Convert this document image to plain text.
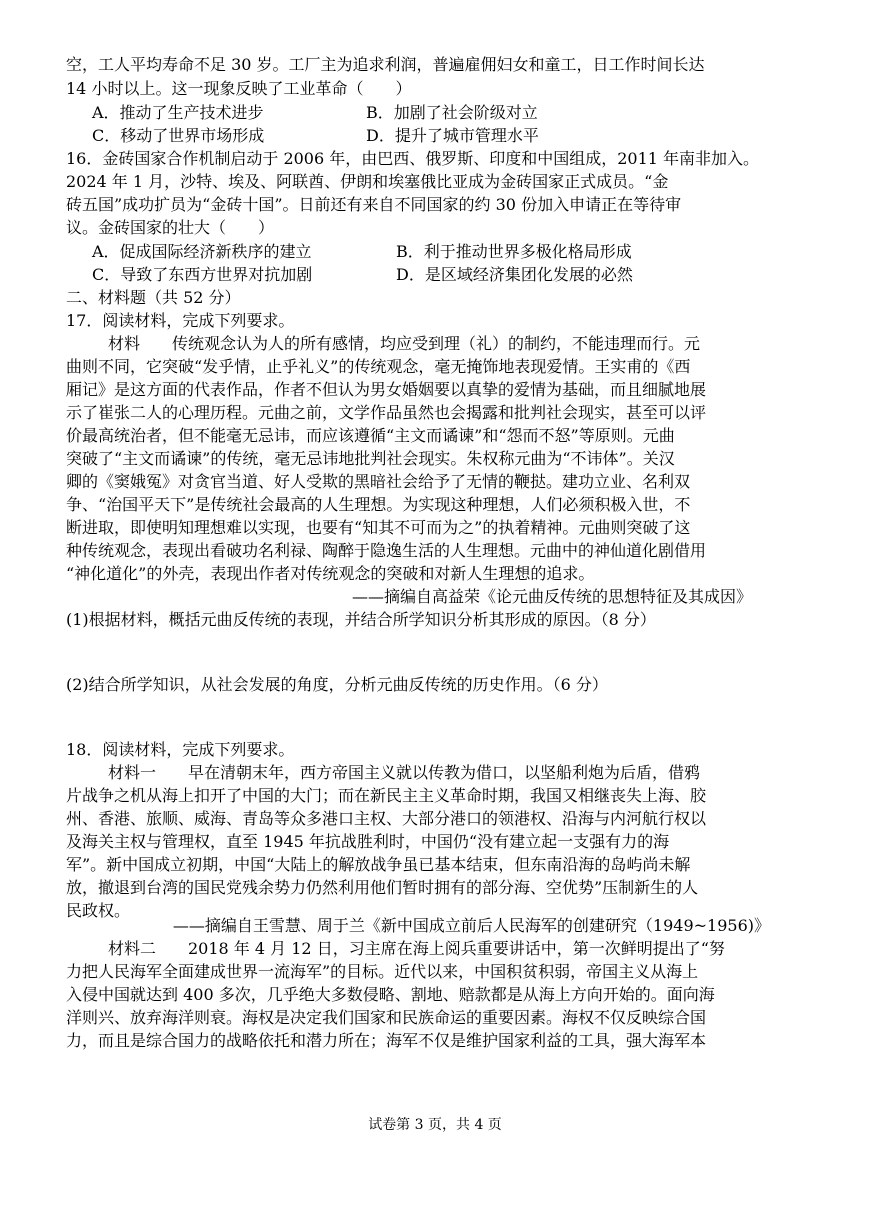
空，工人平均寿命不足 30 岁。工厂主为追求利润，普遍雇佣妇女和童工，日工作时间长达
14 小时以上。这一现象反映了工业革命（　　）
A．推动了生产技术进步	B．加剧了社会阶级对立
C．移动了世界市场形成	D．提升了城市管理水平
16．金砖国家合作机制启动于 2006 年，由巴西、俄罗斯、印度和中国组成，2011 年南非加入。
2024 年 1 月，沙特、埃及、阿联酋、伊朗和埃塞俄比亚成为金砖国家正式成员。“金
砖五国”成功扩员为“金砖十国”。日前还有来自不同国家的约 30 份加入申请正在等待审
议。金砖国家的壮大（　　）
A．促成国际经济新秩序的建立	B．利于推动世界多极化格局形成
C．导致了东西方世界对抗加剧	D．是区域经济集团化发展的必然
二、材料题（共 52 分）
17．阅读材料，完成下列要求。
材料　　传统观念认为人的所有感情，均应受到理（礼）的制约，不能违理而行。元
曲则不同，它突破“发乎情，止乎礼义”的传统观念，毫无掩饰地表现爱情。王实甫的《西
厢记》是这方面的代表作品，作者不但认为男女婚姻要以真挚的爱情为基础，而且细腻地展
示了崔张二人的心理历程。元曲之前，文学作品虽然也会揭露和批判社会现实，甚至可以评
价最高统治者，但不能毫无忌讳，而应该遵循“主文而谲谏”和“怨而不怒”等原则。元曲
突破了“主文而谲谏”的传统，毫无忌讳地批判社会现实。朱权称元曲为“不讳体”。关汉
卿的《窦娥冤》对贪官当道、好人受欺的黑暗社会给予了无情的鞭挞。建功立业、名利双
争、“治国平天下”是传统社会最高的人生理想。为实现这种理想，人们必须积极入世，不
断进取，即使明知理想难以实现，也要有“知其不可而为之”的执着精神。元曲则突破了这
种传统观念，表现出看破功名利禄、陶醉于隐逸生活的人生理想。元曲中的神仙道化剧借用
“神化道化”的外壳，表现出作者对传统观念的突破和对新人生理想的追求。
——摘编自高益荣《论元曲反传统的思想特征及其成因》
(1)根据材料，概括元曲反传统的表现，并结合所学知识分析其形成的原因。（8 分）
(2)结合所学知识，从社会发展的角度，分析元曲反传统的历史作用。（6 分）
18．阅读材料，完成下列要求。
材料一　　早在清朝末年，西方帝国主义就以传教为借口，以坚船利炮为后盾，借鸦
片战争之机从海上扣开了中国的大门；而在新民主主义革命时期，我国又相继丧失上海、胶
州、香港、旅顺、威海、青岛等众多港口主权、大部分港口的领港权、沿海与内河航行权以
及海关主权与管理权，直至 1945 年抗战胜利时，中国仍“没有建立起一支强有力的海
军”。新中国成立初期，中国“大陆上的解放战争虽已基本结束，但东南沿海的岛屿尚未解
放，撤退到台湾的国民党残余势力仍然利用他们暂时拥有的部分海、空优势”压制新生的人
民政权。
——摘编自王雪慧、周于兰《新中国成立前后人民海军的创建研究（1949~1956)》
材料二　　2018 年 4 月 12 日，习主席在海上阅兵重要讲话中，第一次鲜明提出了“努
力把人民海军全面建成世界一流海军”的目标。近代以来，中国积贫积弱，帝国主义从海上
入侵中国就达到 400 多次，几乎绝大多数侵略、割地、赔款都是从海上方向开始的。面向海
洋则兴、放弃海洋则衰。海权是决定我们国家和民族命运的重要因素。海权不仅反映综合国
力，而且是综合国力的战略依托和潜力所在；海军不仅是维护国家利益的工具，强大海军本
试卷第 3 页，共 4 页
